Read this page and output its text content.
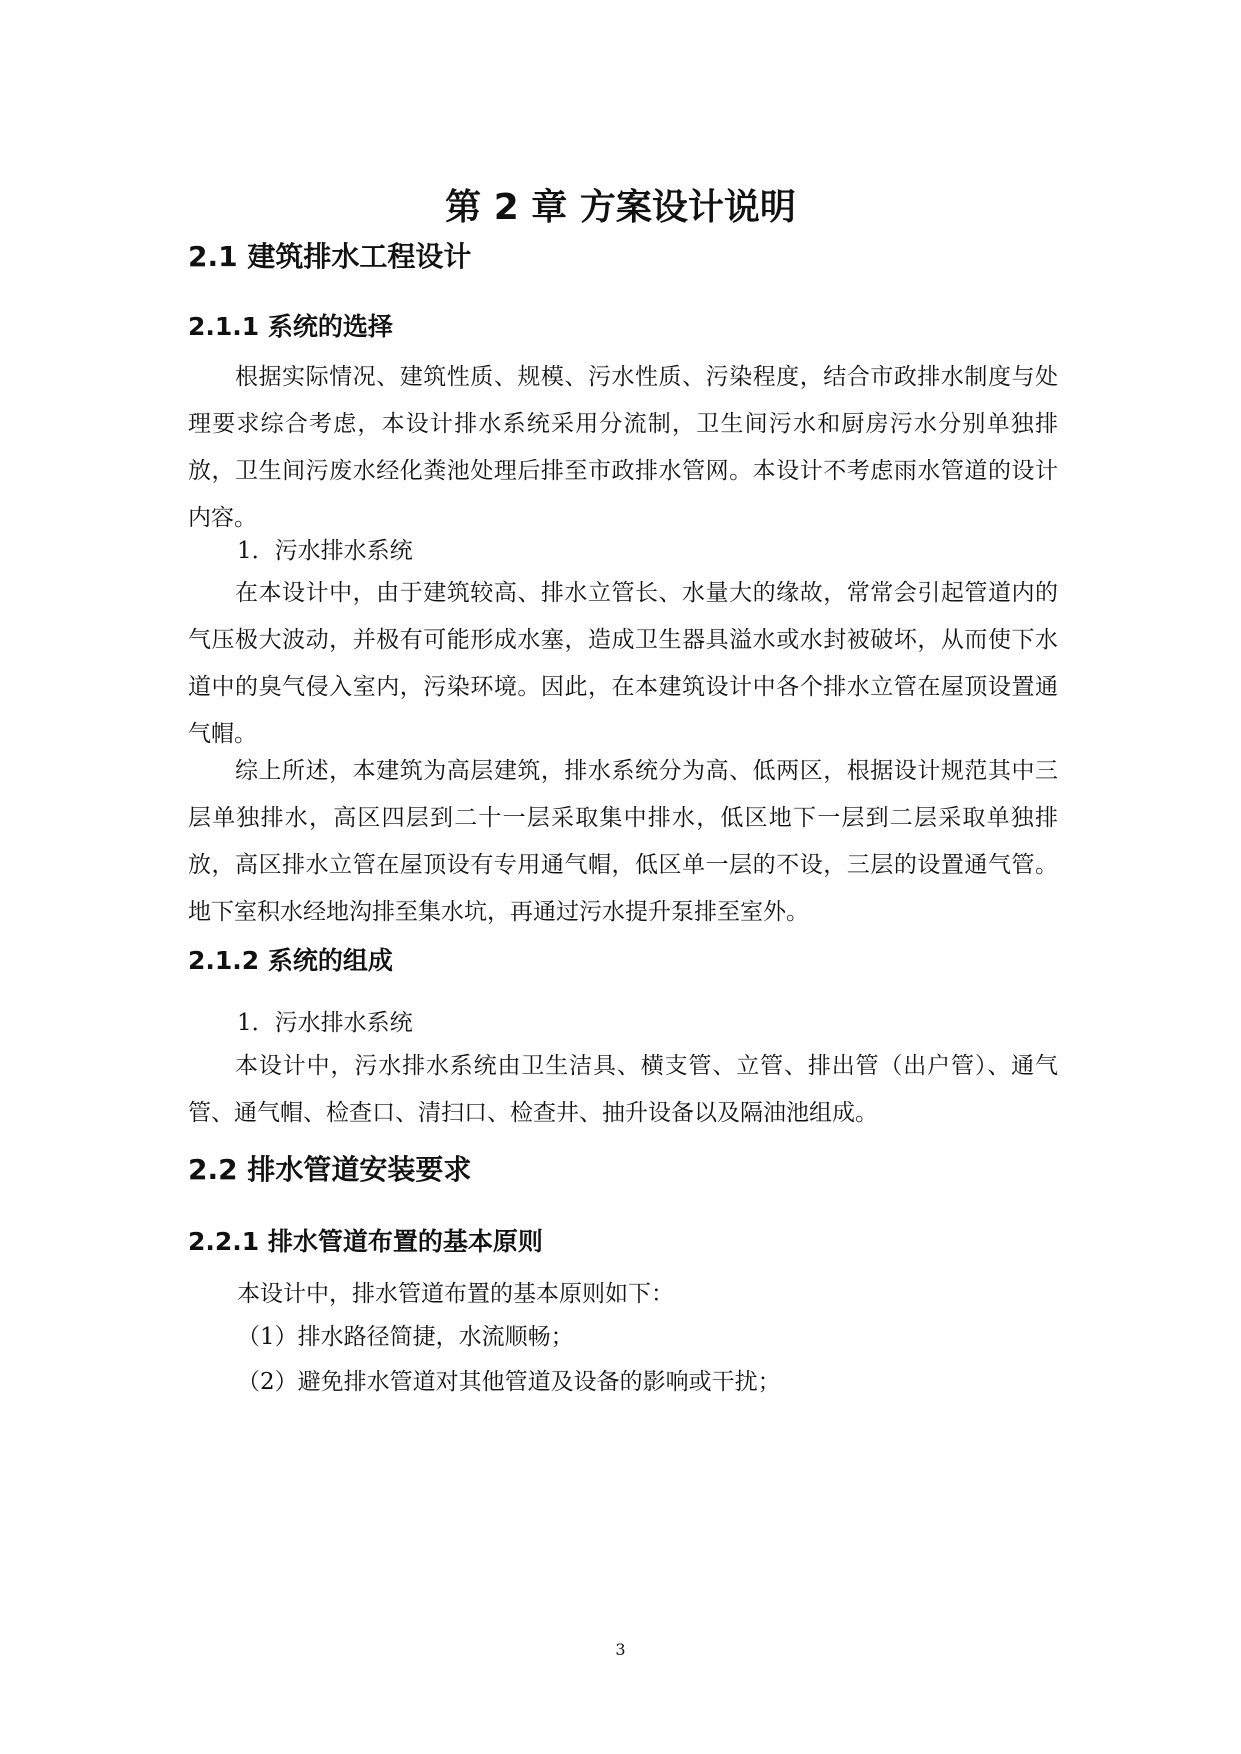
第 2 章 方案设计说明
2.1 建筑排水工程设计
2.1.1 系统的选择

根据实际情况、建筑性质、规模、污水性质、污染程度，结合市政排水制度与处理要求综合考虑，本设计排水系统采用分流制，卫生间污水和厨房污水分别单独排放，卫生间污废水经化粪池处理后排至市政排水管网。本设计不考虑雨水管道的设计内容。

1．污水排水系统

在本设计中，由于建筑较高、排水立管长、水量大的缘故，常常会引起管道内的气压极大波动，并极有可能形成水塞，造成卫生器具溢水或水封被破坏，从而使下水道中的臭气侵入室内，污染环境。因此，在本建筑设计中各个排水立管在屋顶设置通气帽。

综上所述，本建筑为高层建筑，排水系统分为高、低两区，根据设计规范其中三层单独排水，高区四层到二十一层采取集中排水，低区地下一层到二层采取单独排放，高区排水立管在屋顶设有专用通气帽，低区单一层的不设，三层的设置通气管。地下室积水经地沟排至集水坑，再通过污水提升泵排至室外。

2.1.2 系统的组成

1．污水排水系统

本设计中，污水排水系统由卫生洁具、横支管、立管、排出管（出户管）、通气管、通气帽、检查口、清扫口、检查井、抽升设备以及隔油池组成。

2.2 排水管道安装要求
2.2.1 排水管道布置的基本原则

本设计中，排水管道布置的基本原则如下：

（1）排水路径简捷，水流顺畅；

（2）避免排水管道对其他管道及设备的影响或干扰；

3
